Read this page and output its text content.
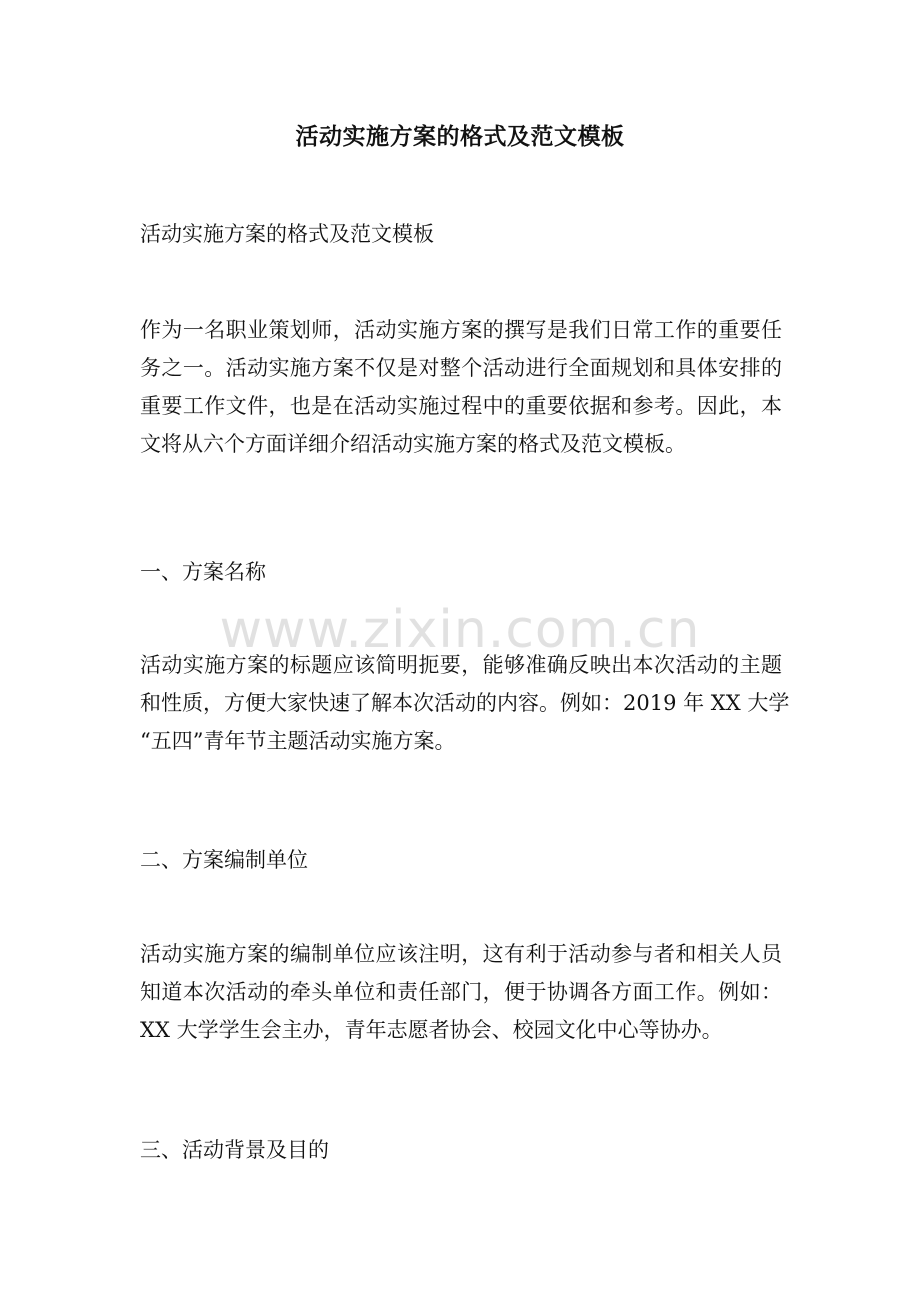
活动实施方案的格式及范文模板
活动实施方案的格式及范文模板
作为一名职业策划师，活动实施方案的撰写是我们日常工作的重要任
务之一。活动实施方案不仅是对整个活动进行全面规划和具体安排的
重要工作文件，也是在活动实施过程中的重要依据和参考。因此，本
文将从六个方面详细介绍活动实施方案的格式及范文模板。
一、方案名称
活动实施方案的标题应该简明扼要，能够准确反映出本次活动的主题
和性质，方便大家快速了解本次活动的内容。例如：2019 年 XX 大学
“五四”青年节主题活动实施方案。
二、方案编制单位
活动实施方案的编制单位应该注明，这有利于活动参与者和相关人员
知道本次活动的牵头单位和责任部门，便于协调各方面工作。例如：
XX 大学学生会主办，青年志愿者协会、校园文化中心等协办。
三、活动背景及目的
www.zixin.com.cn
